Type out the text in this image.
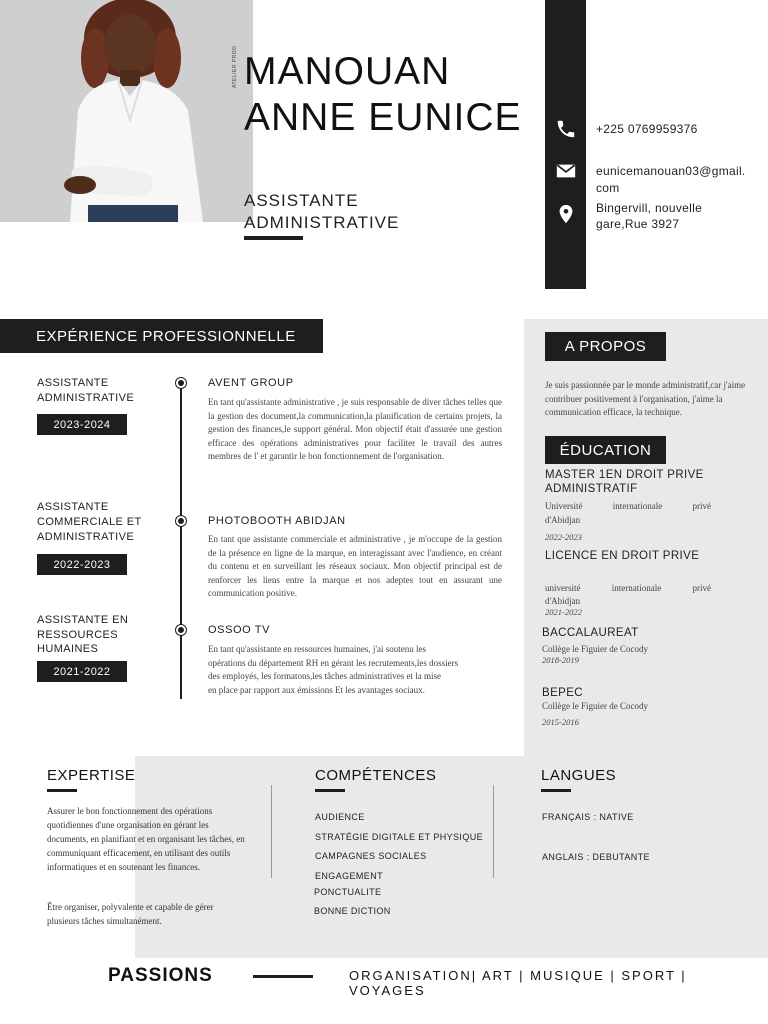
MANOUAN
ANNE EUNICE
ATELIER PROD
ASSISTANTE
ADMINISTRATIVE
+225 0769959376
eunicemanouan03@gmail.
com
Bingervill, nouvelle
gare,Rue 3927
EXPÉRIENCE PROFESSIONNELLE
ASSISTANTE
ADMINISTRATIVE
2023-2024
AVENT GROUP
En tant qu'assistante administrative , je suis responsable de diver tâches telles que la gestion des document,la communication,la planification de certains projets, la gestion des finances,le support général. Mon objectif était d'assurée une gestion efficace des opérations administratives pour faciliter le travail des autres membres de l' et garantir le bon fonctionnement de l'organisation.
ASSISTANTE
COMMERCIALE ET
ADMINISTRATIVE
2022-2023
PHOTOBOOTH ABIDJAN
En tant que assistante commerciale et administrative , je m'occupe de la gestion de la présence en ligne de la marque, en interagissant avec l'audience, en créant du contenu et en surveillant les réseaux sociaux. Mon objectif principal est de renforcer les liens entre la marque et nos adeptes tout en assurant une communication positive.
ASSISTANTE EN
RESSOURCES
HUMAINES
2021-2022
OSSOO TV
En tant qu'assistante en ressources humaines, j'ai soutenu les
opérations du département RH en gérant les recrutements,les dossiers
des employés, les formatons,les tâches administratives et la mise
en place par rapport aux émissions Et les avantages sociaux.
A PROPOS
Je suis passionnée par le monde administratif,car j'aime contribuer positivement à l'organisation, j'aime la communication efficace, la technique.
ÉDUCATION
MASTER 1EN DROIT PRIVE
ADMINISTRATIF
Université internationale privé
d'Abidjan
2022-2023
LICENCE EN DROIT PRIVE
université internationale privé
d'Abidjan
2021-2022
BACCALAUREAT
Collège le Figuier de Cocody
2018-2019
BEPEC
Collège le Figuier de Cocody
2015-2016
EXPERTISE
Assurer le bon fonctionnement des opérations quotidiennes d'une organisation en gérant les documents, en planifiant et en organisant les tâches, en communiquant efficacement, en utilisant des outils informatiques et en soutenant les finances.
Être organiser, polyvalente et capable de gérer plusieurs tâches simultanément.
COMPÉTENCES
AUDIENCE
STRATÉGIE DIGITALE ET PHYSIQUE
CAMPAGNES SOCIALES
ENGAGEMENT
PONCTUALITE
BONNE DICTION
LANGUES
FRANÇAIS : NATIVE
ANGLAIS : DEBUTANTE
PASSIONS	ORGANISATION| ART | MUSIQUE | SPORT | VOYAGES
